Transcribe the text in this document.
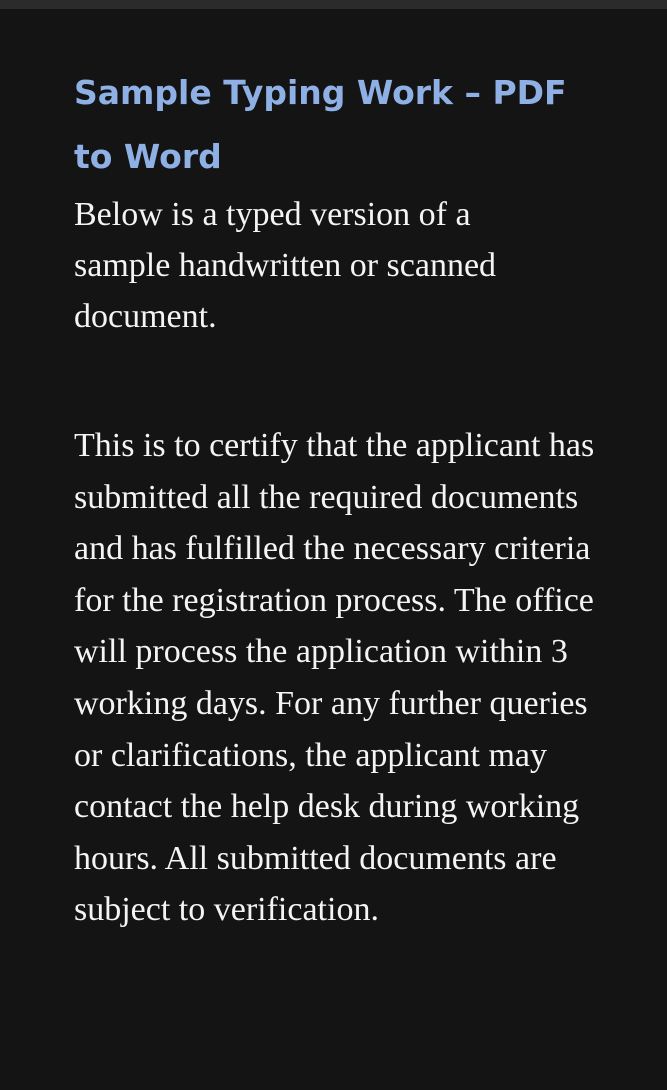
Sample Typing Work – PDF to Word

Below is a typed version of a sample handwritten or scanned document.

This is to certify that the applicant has submitted all the required documents and has fulfilled the necessary criteria for the registration process. The office will process the application within 3 working days. For any further queries or clarifications, the applicant may contact the help desk during working hours. All submitted documents are subject to verification.
